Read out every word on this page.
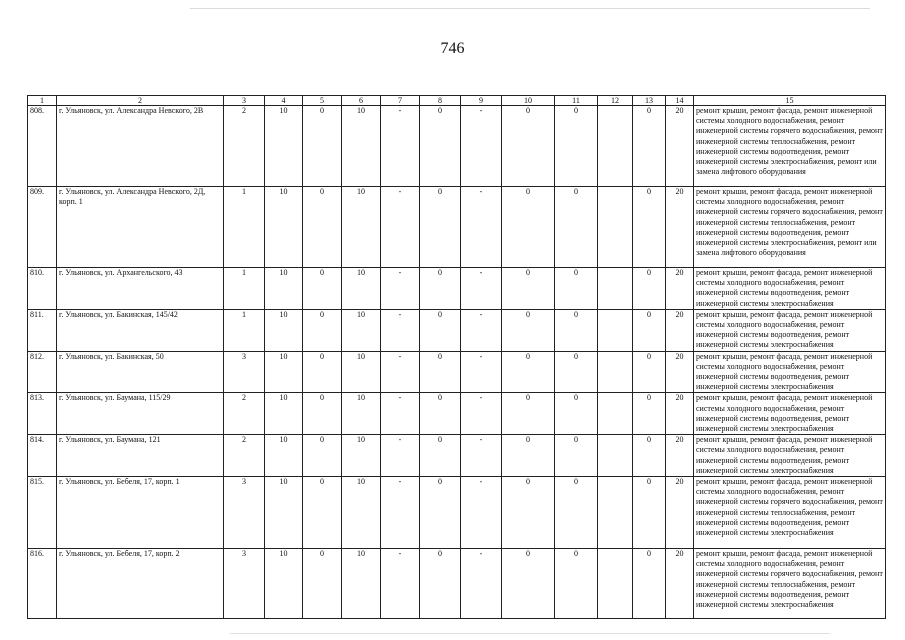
746
1	2	3	4	5	6	7	8	9	10	11	12	13	14	15
808.	г. Ульяновск, ул. Александра Невского, 2В	2	10	0	10	-	0	-	0	0		0	20	ремонт крыши, ремонт фасада, ремонт инженерной системы холодного водоснабжения, ремонт инженерной системы горячего водоснабжения, ремонт инженерной системы теплоснабжения, ремонт инженерной системы водоотведения, ремонт инженерной системы электроснабжения, ремонт или замена лифтового оборудования
809.	г. Ульяновск, ул. Александра Невского, 2Д, корп. 1	1	10	0	10	-	0	-	0	0		0	20	ремонт крыши, ремонт фасада, ремонт инженерной системы холодного водоснабжения, ремонт инженерной системы горячего водоснабжения, ремонт инженерной системы теплоснабжения, ремонт инженерной системы водоотведения, ремонт инженерной системы электроснабжения, ремонт или замена лифтового оборудования
810.	г. Ульяновск, ул. Архангельского, 43	1	10	0	10	-	0	-	0	0		0	20	ремонт крыши, ремонт фасада, ремонт инженерной системы холодного водоснабжения, ремонт инженерной системы водоотведения, ремонт инженерной системы электроснабжения
811.	г. Ульяновск, ул. Бакинская, 145/42	1	10	0	10	-	0	-	0	0		0	20	ремонт крыши, ремонт фасада, ремонт инженерной системы холодного водоснабжения, ремонт инженерной системы водоотведения, ремонт инженерной системы электроснабжения
812.	г. Ульяновск, ул. Бакинская, 50	3	10	0	10	-	0	-	0	0		0	20	ремонт крыши, ремонт фасада, ремонт инженерной системы холодного водоснабжения, ремонт инженерной системы водоотведения, ремонт инженерной системы электроснабжения
813.	г. Ульяновск, ул. Баумана, 115/29	2	10	0	10	-	0	-	0	0		0	20	ремонт крыши, ремонт фасада, ремонт инженерной системы холодного водоснабжения, ремонт инженерной системы водоотведения, ремонт инженерной системы электроснабжения
814.	г. Ульяновск, ул. Баумана, 121	2	10	0	10	-	0	-	0	0		0	20	ремонт крыши, ремонт фасада, ремонт инженерной системы холодного водоснабжения, ремонт инженерной системы водоотведения, ремонт инженерной системы электроснабжения
815.	г. Ульяновск, ул. Бебеля, 17, корп. 1	3	10	0	10	-	0	-	0	0		0	20	ремонт крыши, ремонт фасада, ремонт инженерной системы холодного водоснабжения, ремонт инженерной системы горячего водоснабжения, ремонт инженерной системы теплоснабжения, ремонт инженерной системы водоотведения, ремонт инженерной системы электроснабжения
816.	г. Ульяновск, ул. Бебеля, 17, корп. 2	3	10	0	10	-	0	-	0	0		0	20	ремонт крыши, ремонт фасада, ремонт инженерной системы холодного водоснабжения, ремонт инженерной системы горячего водоснабжения, ремонт инженерной системы теплоснабжения, ремонт инженерной системы водоотведения, ремонт инженерной системы электроснабжения
